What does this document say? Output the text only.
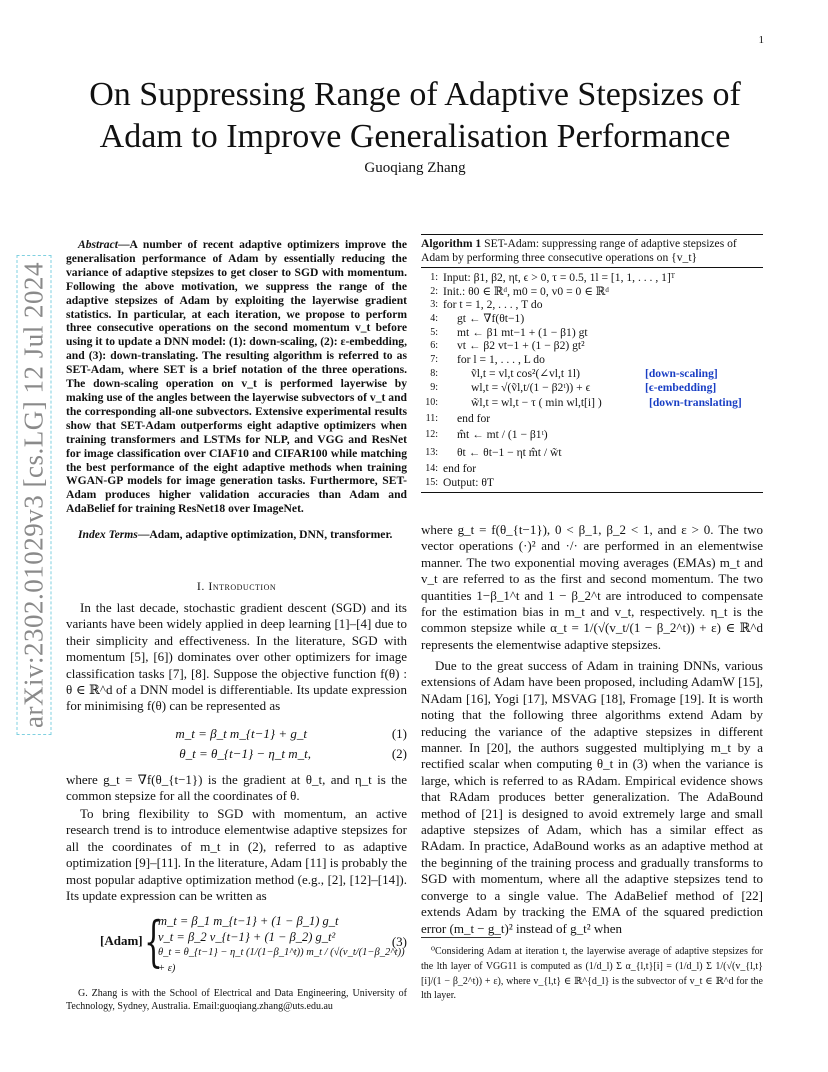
1
arXiv:2302.01029v3 [cs.LG] 12 Jul 2024
On Suppressing Range of Adaptive Stepsizes of
Adam to Improve Generalisation Performance
Guoqiang Zhang
Abstract—A number of recent adaptive optimizers improve the generalisation performance of Adam by essentially reducing the variance of adaptive stepsizes to get closer to SGD with momentum. Following the above motivation, we suppress the range of the adaptive stepsizes of Adam by exploiting the layerwise gradient statistics. In particular, at each iteration, we propose to perform three consecutive operations on the second momentum v_t before using it to update a DNN model: (1): down-scaling, (2): ε-embedding, and (3): down-translating. The resulting algorithm is referred to as SET-Adam, where SET is a brief notation of the three operations. The down-scaling operation on v_t is performed layerwise by making use of the angles between the layerwise subvectors of v_t and the corresponding all-one subvectors. Extensive experimental results show that SET-Adam outperforms eight adaptive optimizers when training transformers and LSTMs for NLP, and VGG and ResNet for image classification over CIAF10 and CIFAR100 while matching the best performance of the eight adaptive methods when training WGAN-GP models for image generation tasks. Furthermore, SET-Adam produces higher validation accuracies than Adam and AdaBelief for training ResNet18 over ImageNet.
Index Terms—Adam, adaptive optimization, DNN, transformer.
I. Introduction
In the last decade, stochastic gradient descent (SGD) and its variants have been widely applied in deep learning [1]–[4] due to their simplicity and effectiveness. In the literature, SGD with momentum [5], [6]) dominates over other optimizers for image classification tasks [7], [8]. Suppose the objective function f(θ) : θ ∈ ℝ^d of a DNN model is differentiable. Its update expression for minimising f(θ) can be represented as
m_t = β_t m_{t−1} + g_t	(1)
θ_t = θ_{t−1} − η_t m_t,	(2)
where g_t = ∇f(θ_{t−1}) is the gradient at θ_t, and η_t is the common stepsize for all the coordinates of θ.
To bring flexibility to SGD with momentum, an active research trend is to introduce elementwise adaptive stepsizes for all the coordinates of m_t in (2), referred to as adaptive optimization [9]–[11]. In the literature, Adam [11] is probably the most popular adaptive optimization method (e.g., [2], [12]–[14]). Its update expression can be written as
[Adam] {
m_t = β_1 m_{t−1} + (1 − β_1) g_t
v_t = β_2 v_{t−1} + (1 − β_2) g_t²
θ_t = θ_{t−1} − η_t (1/(1−β_1^t)) m_t / (√(v_t/(1−β_2^t)) + ε)
(3)
G. Zhang is with the School of Electrical and Data Engineering, University of Technology, Sydney, Australia. Email:guoqiang.zhang@uts.edu.au
Algorithm 1 SET-Adam: suppressing range of adaptive stepsizes of Adam by performing three consecutive operations on {v_t}
1: Input: β1, β2, ηt, ϵ > 0, τ = 0.5, 1l = [1, 1, . . . , 1]ᵀ
2: Init.: θ0 ∈ ℝᵈ, m0 = 0, v0 = 0 ∈ ℝᵈ
3: for t = 1, 2, . . . , T do
4: gt ← ∇f(θt−1)
5: mt ← β1 mt−1 + (1 − β1) gt
6: vt ← β2 vt−1 + (1 − β2) gt²
7: for l = 1, . . . , L do
8:	ṽl,t = vl,t cos²(∠vl,t 1l)	[down-scaling]
9:	wl,t = √(ṽl,t/(1 − β2ᵗ)) + ϵ	[ϵ-embedding]
10:	w̃l,t = wl,t − τ ( min wl,t[i] )	[down-translating]
11: end for
12: m̂t ← mt / (1 − β1ᵗ)
13: θt ← θt−1 − ηt m̂t / w̃t
14: end for
15: Output: θT
where g_t = f(θ_{t−1}), 0 < β_1, β_2 < 1, and ε > 0. The two vector operations (·)² and ·/· are performed in an elementwise manner. The two exponential moving averages (EMAs) m_t and v_t are referred to as the first and second momentum. The two quantities 1−β_1^t and 1 − β_2^t are introduced to compensate for the estimation bias in m_t and v_t, respectively. η_t is the common stepsize while α_t = 1/(√(v_t/(1 − β_2^t)) + ε) ∈ ℝ^d represents the elementwise adaptive stepsizes.
Due to the great success of Adam in training DNNs, various extensions of Adam have been proposed, including AdamW [15], NAdam [16], Yogi [17], MSVAG [18], Fromage [19]. It is worth noting that the following three algorithms extend Adam by reducing the variance of the adaptive stepsizes in different manner. In [20], the authors suggested multiplying m_t by a rectified scalar when computing θ_t in (3) when the variance is large, which is referred to as RAdam. Empirical evidence shows that RAdam produces better generalization. The AdaBound method of [21] is designed to avoid extremely large and small adaptive stepsizes of Adam, which has a similar effect as RAdam. In practice, AdaBound works as an adaptive method at the beginning of the training process and gradually transforms to SGD with momentum, where all the adaptive stepsizes tend to converge to a single value. The AdaBelief method of [22] extends Adam by tracking the EMA of the squared prediction error (m_t − g_t)² instead of g_t² when
⁰Considering Adam at iteration t, the layerwise average of adaptive stepsizes for the lth layer of VGG11 is computed as (1/d_l) Σ α_{l,t}[i] = (1/d_l) Σ 1/(√(v_{l,t}[i]/(1 − β_2^t)) + ε), where v_{l,t} ∈ ℝ^{d_l} is the subvector of v_t ∈ ℝ^d for the lth layer.
